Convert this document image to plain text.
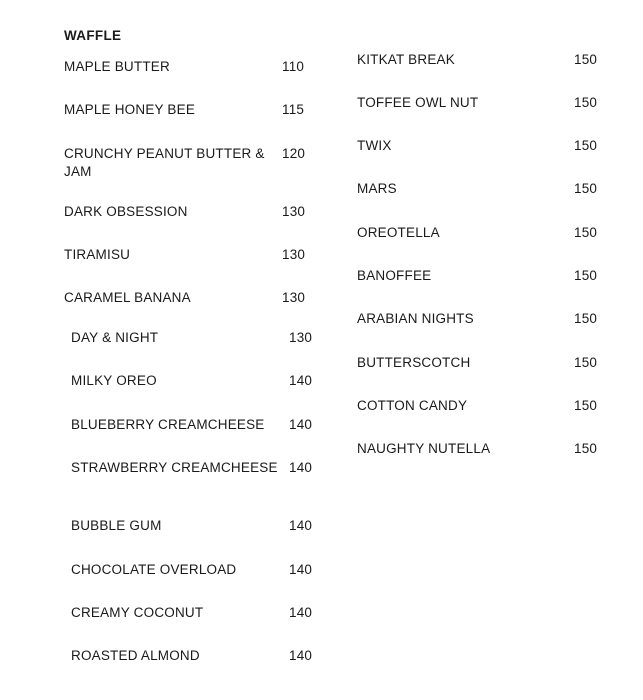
WAFFLE
MAPLE BUTTER	110
MAPLE HONEY BEE	115
CRUNCHY PEANUT BUTTER & JAM
120
DARK OBSESSION	130
TIRAMISU	130
CARAMEL BANANA	130
DAY & NIGHT	130
MILKY OREO	140
BLUEBERRY CREAMCHEESE	140
STRAWBERRY CREAMCHEESE 140
BUBBLE GUM	140
CHOCOLATE OVERLOAD	140
CREAMY COCONUT	140
ROASTED ALMOND	140
KITKAT BREAK	150
TOFFEE OWL NUT	150
TWIX	150
MARS	150
OREOTELLA	150
BANOFFEE	150
ARABIAN NIGHTS	150
BUTTERSCOTCH	150
COTTON CANDY	150
NAUGHTY NUTELLA	150
